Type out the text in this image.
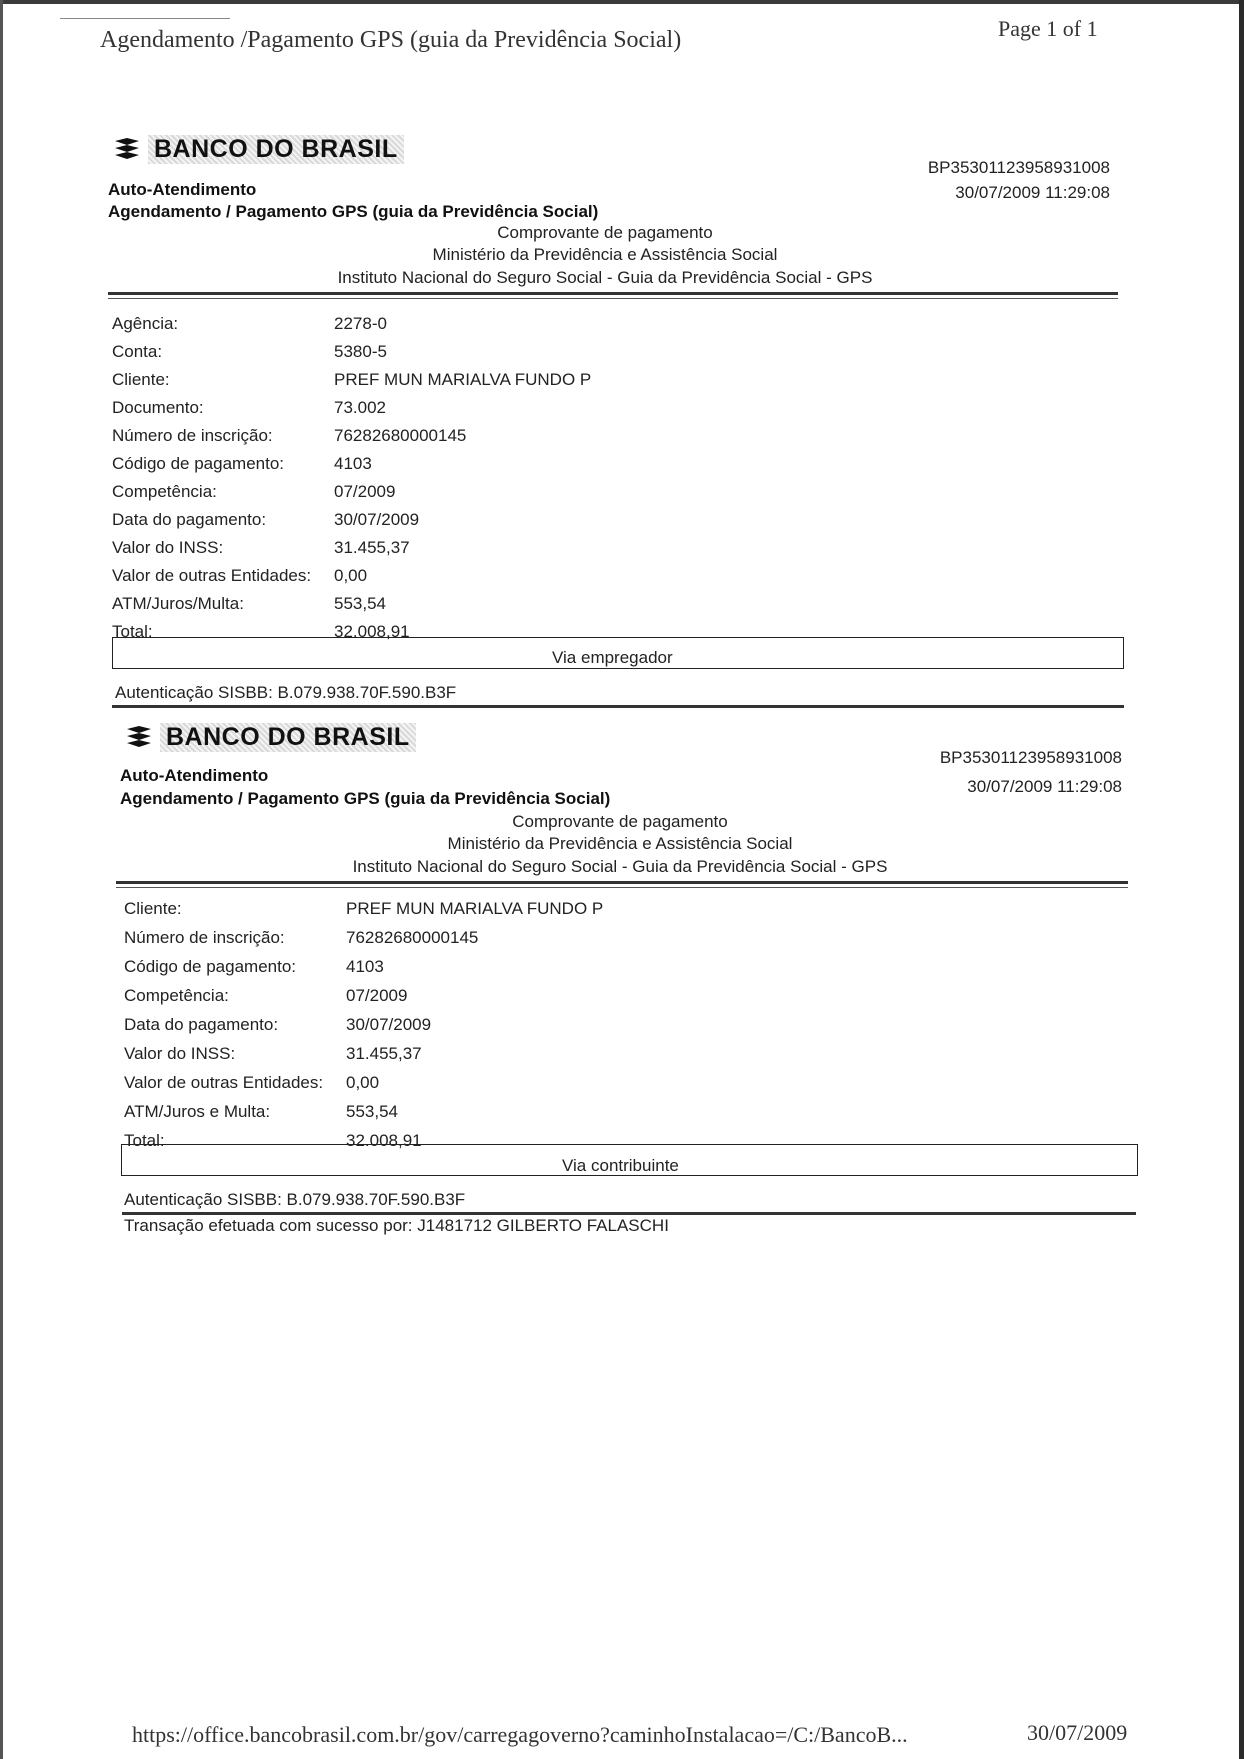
Agendamento /Pagamento GPS (guia da Previdência Social)	Page 1 of 1
BANCO DO BRASIL
Auto-Atendimento
Agendamento / Pagamento GPS (guia da Previdência Social)
BP35301123958931008
30/07/2009 11:29:08
Comprovante de pagamento
Ministério da Previdência e Assistência Social
Instituto Nacional do Seguro Social - Guia da Previdência Social - GPS
Agência:	2278-0
Conta:	5380-5
Cliente:	PREF MUN MARIALVA FUNDO P
Documento:	73.002
Número de inscrição:	76282680000145
Código de pagamento:	4103
Competência:	07/2009
Data do pagamento:	30/07/2009
Valor do INSS:	31.455,37
Valor de outras Entidades:	0,00
ATM/Juros/Multa:	553,54
Total:	32.008,91
Via empregador
Autenticação SISBB: B.079.938.70F.590.B3F
BANCO DO BRASIL
Auto-Atendimento
Agendamento / Pagamento GPS (guia da Previdência Social)
BP35301123958931008
30/07/2009 11:29:08
Comprovante de pagamento
Ministério da Previdência e Assistência Social
Instituto Nacional do Seguro Social - Guia da Previdência Social - GPS
Cliente:	PREF MUN MARIALVA FUNDO P
Número de inscrição:	76282680000145
Código de pagamento:	4103
Competência:	07/2009
Data do pagamento:	30/07/2009
Valor do INSS:	31.455,37
Valor de outras Entidades:	0,00
ATM/Juros e Multa:	553,54
Total:	32.008,91
Via contribuinte
Autenticação SISBB: B.079.938.70F.590.B3F
Transação efetuada com sucesso por: J1481712 GILBERTO FALASCHI
https://office.bancobrasil.com.br/gov/carregagoverno?caminhoInstalacao=/C:/BancoB...	30/07/2009
